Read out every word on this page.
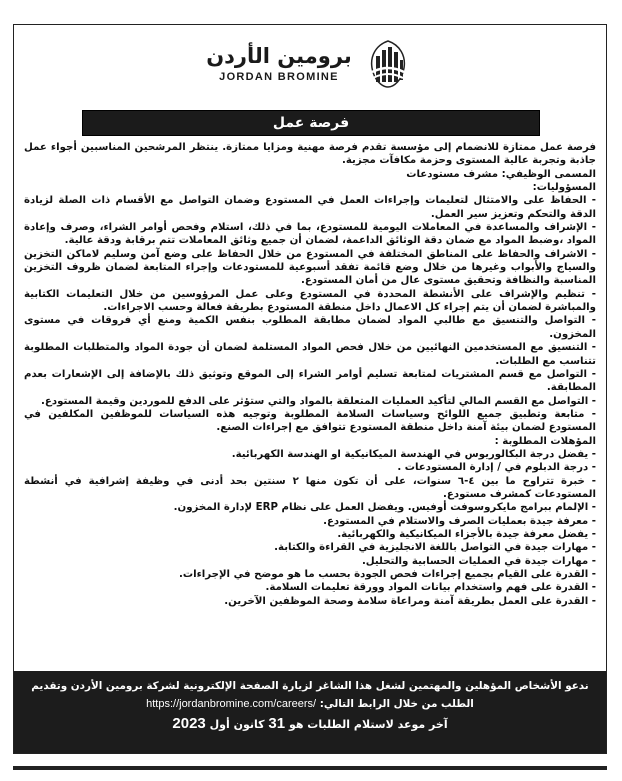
برومين الأردن
JORDAN BROMINE
فرصة عمل

فرصة عمل ممتازة للانضمام إلى مؤسسة تقدم فرصة مهنية ومزايا ممتازة. ينتظر المرشحين المناسبين أجواء عمل جاذبة وتجربة عالية المستوى وحزمة مكافآت مجزية.

المسمى الوظيفي: مشرف مستودعات

المسؤوليات:

- الحفاظ على والامتثال لتعليمات وإجراءات العمل في المستودع وضمان التواصل مع الأقسام ذات الصلة لزيادة الدقة والتحكم وتعزيز سير العمل.

- الإشراف والمساعدة في المعاملات اليومية للمستودع، بما في ذلك، استلام وفحص أوامر الشراء، وصرف وإعادة المواد ،وضبط المواد مع ضمان دقة الوثائق الداعمة، لضمان أن جميع وثائق المعاملات تتم برقابة ودقة عالية.

- الاشراف والحفاظ على المناطق المختلفة في المستودع من خلال الحفاظ على وضع آمن وسليم لاماكن التخزين والسياج والأبواب وغيرها من خلال وضع قائمة تفقد أسبوعية للمستودعات وإجراء المتابعة لضمان ظروف التخزين المناسبة والنظافة وتحقيق مستوى عال من أمان المستودع.

- تنظيم والإشراف على الأنشطة المحددة في المستودع وعلى عمل المرؤوسين من خلال التعليمات الكتابية والمباشرة لضمان أن يتم إجراء كل الاعمال داخل منطقة المستودع بطريقة فعالة وحسب الاجراءات.

- التواصل والتنسيق مع طالبي المواد لضمان مطابقة المطلوب بنفس الكمية ومنع أي فروقات في مستوى المخزون.

- التنسيق مع المستخدمين النهائيين من خلال فحص المواد المستلمة لضمان أن جودة المواد والمتطلبات المطلوبة تتناسب مع الطلبات.

- التواصل مع قسم المشتريات لمتابعة تسليم أوامر الشراء إلى الموقع وتوثيق ذلك بالإضافة إلى الإشعارات بعدم المطابقة.

- التواصل مع القسم المالي لتأكيد العمليات المتعلقة بالمواد والتي ستؤثر على الدفع للموردين وقيمة المستودع.

- متابعة وتطبيق جميع اللوائح وسياسات السلامة المطلوبة وتوجيه هذه السياسات للموظفين المكلفين في المستودع لضمان بيئة آمنة داخل منطقة المستودع تتوافق مع إجراءات الصنع.

المؤهلات المطلوبة :

- يفضل درجة البكالوريوس في الهندسة الميكانيكية او الهندسة الكهربائية.

- درجة الدبلوم في / إدارة المستودعات .

- خبرة تتراوح ما بين ٤-٦ سنوات، على أن تكون منها ٢ سنتين بحد أدنى في وظيفة إشرافية في أنشطة المستودعات كمشرف مستودع.

- الإلمام ببرامج مايكروسوفت أوفيس. ويفضل العمل على نظام ERP لإدارة المخزون.

- معرفة جيدة بعمليات الصرف والاستلام في المستودع.

- يفضل معرفة جيدة بالأجزاء الميكانيكية والكهربائية.

- مهارات جيدة في التواصل باللغة الانجليزية في القراءة والكتابة.

- مهارات جيدة في العمليات الحسابية والتحليل.

- القدرة على القيام بجميع إجراءات فحص الجودة بحسب ما هو موضح في الإجراءات.

- القدرة على فهم واستخدام بيانات المواد وورقة تعليمات السلامة.

- القدرة على العمل بطريقة آمنة ومراعاة سلامة وصحة الموظفين الآخرين.

ندعو الأشخاص المؤهلين والمهتمين لشغل هذا الشاغر لزيارة الصفحة الإلكترونية لشركة برومين الأردن وتقديم
الطلب من خلال الرابط التالي: https://jordanbromine.com/careers/
آخر موعد لاستلام الطلبات هو 31 كانون أول 2023
